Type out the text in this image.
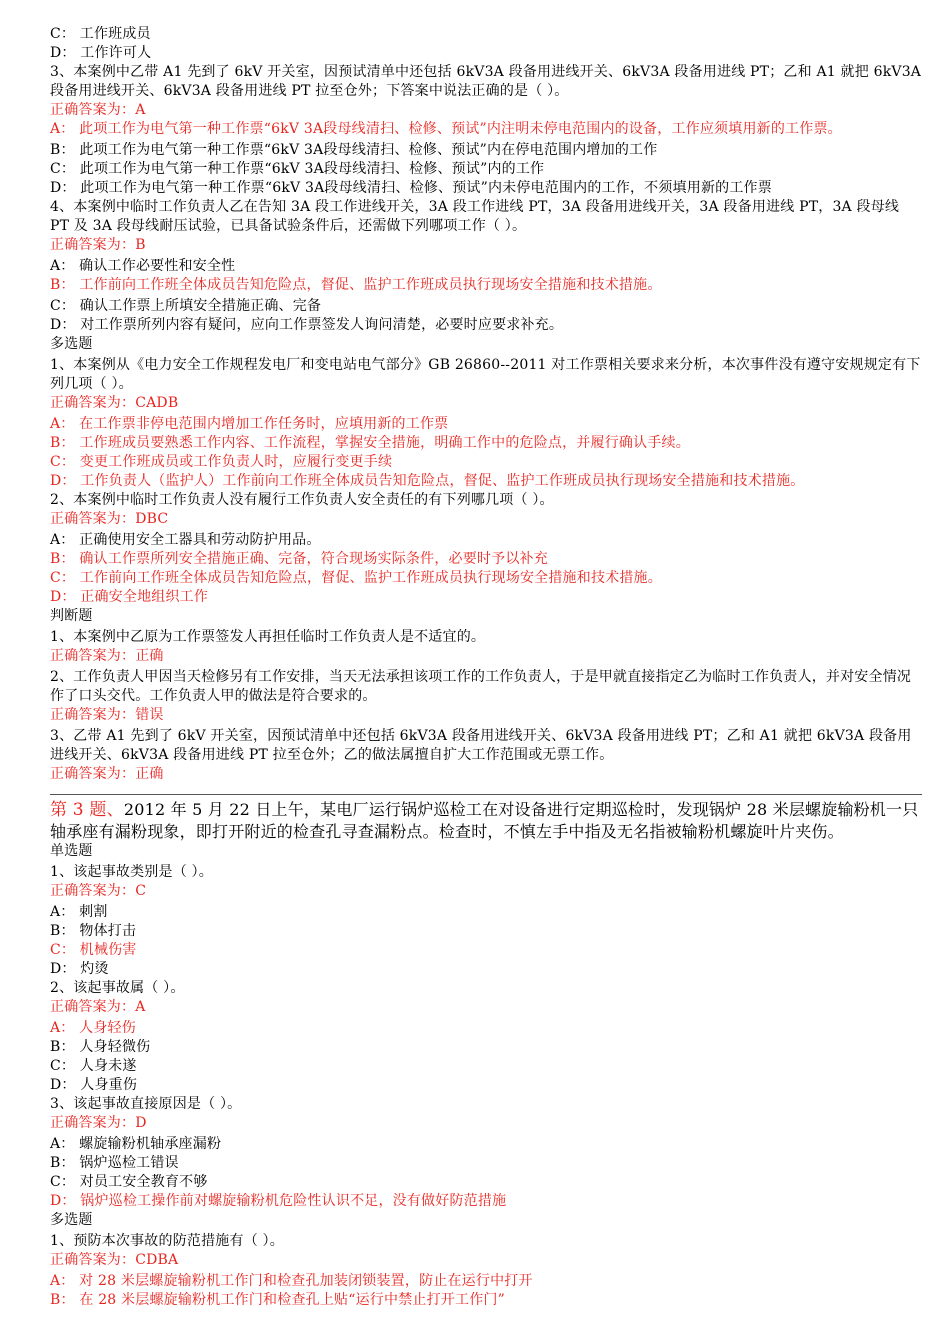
C： 工作班成员

D： 工作许可人

3、本案例中乙带 A1 先到了 6kV 开关室，因预试清单中还包括 6kV3A 段备用进线开关、6kV3A 段备用进线 PT；乙和 A1 就把 6kV3A 段备用进线开关、6kV3A 段备用进线 PT 拉至仓外；下答案中说法正确的是（ ）。

正确答案为：A

A： 此项工作为电气第一种工作票“6kV 3A段母线清扫、检修、预试”内注明未停电范围内的设备，工作应须填用新的工作票。

B： 此项工作为电气第一种工作票“6kV 3A段母线清扫、检修、预试”内在停电范围内增加的工作

C： 此项工作为电气第一种工作票“6kV 3A段母线清扫、检修、预试”内的工作

D： 此项工作为电气第一种工作票“6kV 3A段母线清扫、检修、预试”内未停电范围内的工作，不须填用新的工作票

4、本案例中临时工作负责人乙在告知 3A 段工作进线开关，3A 段工作进线 PT，3A 段备用进线开关，3A 段备用进线 PT，3A 段母线 PT 及 3A 段母线耐压试验，已具备试验条件后，还需做下列哪项工作（ ）。

正确答案为：B

A： 确认工作必要性和安全性

B： 工作前向工作班全体成员告知危险点，督促、监护工作班成员执行现场安全措施和技术措施。

C： 确认工作票上所填安全措施正确、完备

D： 对工作票所列内容有疑问，应向工作票签发人询问清楚，必要时应要求补充。

多选题

1、本案例从《电力安全工作规程发电厂和变电站电气部分》GB 26860--2011 对工作票相关要求来分析，本次事件没有遵守安规规定有下列几项（ ）。

正确答案为：CADB

A： 在工作票非停电范围内增加工作任务时，应填用新的工作票

B： 工作班成员要熟悉工作内容、工作流程，掌握安全措施，明确工作中的危险点，并履行确认手续。

C： 变更工作班成员或工作负责人时，应履行变更手续

D： 工作负责人（监护人）工作前向工作班全体成员告知危险点，督促、监护工作班成员执行现场安全措施和技术措施。

2、本案例中临时工作负责人没有履行工作负责人安全责任的有下列哪几项（ ）。

正确答案为：DBC

A： 正确使用安全工器具和劳动防护用品。

B： 确认工作票所列安全措施正确、完备，符合现场实际条件，必要时予以补充

C： 工作前向工作班全体成员告知危险点，督促、监护工作班成员执行现场安全措施和技术措施。

D： 正确安全地组织工作

判断题

1、本案例中乙原为工作票签发人再担任临时工作负责人是不适宜的。

正确答案为：正确

2、工作负责人甲因当天检修另有工作安排，当天无法承担该项工作的工作负责人，于是甲就直接指定乙为临时工作负责人，并对安全情况作了口头交代。工作负责人甲的做法是符合要求的。

正确答案为：错误

3、乙带 A1 先到了 6kV 开关室，因预试清单中还包括 6kV3A 段备用进线开关、6kV3A 段备用进线 PT；乙和 A1 就把 6kV3A 段备用进线开关、6kV3A 段备用进线 PT 拉至仓外；乙的做法属擅自扩大工作范围或无票工作。

正确答案为：正确

第 3 题、2012 年 5 月 22 日上午，某电厂运行锅炉巡检工在对设备进行定期巡检时，发现锅炉 28 米层螺旋输粉机一只轴承座有漏粉现象，即打开附近的检查孔寻查漏粉点。检查时，不慎左手中指及无名指被输粉机螺旋叶片夹伤。

单选题

1、该起事故类别是（ ）。

正确答案为：C

A： 刺割

B： 物体打击

C： 机械伤害

D： 灼烫

2、该起事故属（ ）。

正确答案为：A

A： 人身轻伤

B： 人身轻微伤

C： 人身未遂

D： 人身重伤

3、该起事故直接原因是（ ）。

正确答案为：D

A： 螺旋输粉机轴承座漏粉

B： 锅炉巡检工错误

C： 对员工安全教育不够

D： 锅炉巡检工操作前对螺旋输粉机危险性认识不足，没有做好防范措施

多选题

1、预防本次事故的防范措施有（ ）。

正确答案为：CDBA

A： 对 28 米层螺旋输粉机工作门和检查孔加装闭锁装置，防止在运行中打开

B： 在 28 米层螺旋输粉机工作门和检查孔上贴“运行中禁止打开工作门”
